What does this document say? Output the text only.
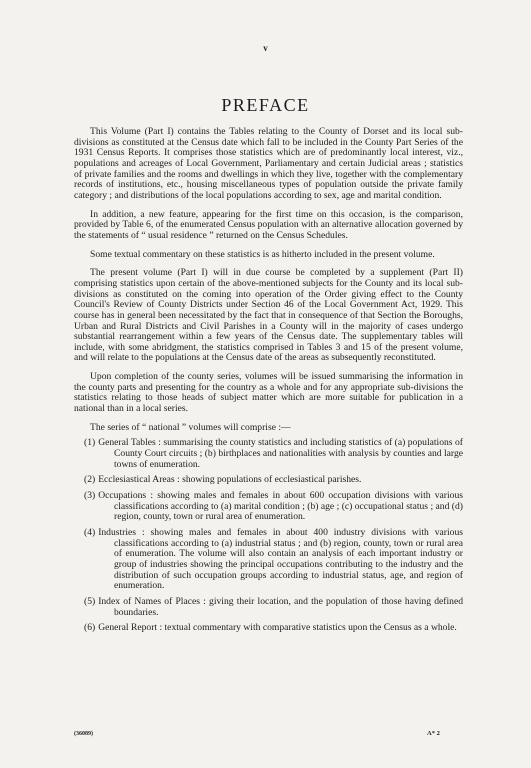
v
PREFACE

This Volume (Part I) contains the Tables relating to the County of Dorset and its local sub-divisions as constituted at the Census date which fall to be included in the County Part Series of the 1931 Census Reports. It comprises those statistics which are of predominantly local interest, viz., populations and acreages of Local Government, Parliamentary and certain Judicial areas ; statistics of private families and the rooms and dwellings in which they live, together with the complementary records of institutions, etc., housing miscellaneous types of population outside the private family category ; and distributions of the local populations according to sex, age and marital condition.

In addition, a new feature, appearing for the first time on this occasion, is the comparison, provided by Table 6, of the enumerated Census population with an alternative allocation governed by the statements of “ usual residence ” returned on the Census Schedules.

Some textual commentary on these statistics is as hitherto included in the present volume.

The present volume (Part I) will in due course be completed by a supplement (Part II) comprising statistics upon certain of the above-mentioned subjects for the County and its local sub-divisions as constituted on the coming into operation of the Order giving effect to the County Council's Review of County Districts under Section 46 of the Local Government Act, 1929. This course has in general been necessitated by the fact that in consequence of that Section the Boroughs, Urban and Rural Districts and Civil Parishes in a County will in the majority of cases undergo substantial rearrangement within a few years of the Census date. The supplementary tables will include, with some abridgment, the statistics comprised in Tables 3 and 15 of the present volume, and will relate to the populations at the Census date of the areas as subsequently reconstituted.

Upon completion of the county series, volumes will be issued summarising the information in the county parts and presenting for the country as a whole and for any appropriate sub-divisions the statistics relating to those heads of subject matter which are more suitable for publication in a national than in a local series.

The series of “ national ” volumes will comprise :—

(1) General Tables : summarising the county statistics and including statistics of (a) populations of County Court circuits ; (b) birthplaces and nationalities with analysis by counties and large towns of enumeration.
(2) Ecclesiastical Areas : showing populations of ecclesiastical parishes.
(3) Occupations : showing males and females in about 600 occupation divisions with various classifications according to (a) marital condition ; (b) age ; (c) occupational status ; and (d) region, county, town or rural area of enumeration.
(4) Industries : showing males and females in about 400 industry divisions with various classifications according to (a) industrial status ; and (b) region, county, town or rural area of enumeration. The volume will also contain an analysis of each important industry or group of industries showing the principal occupations contributing to the industry and the distribution of such occupation groups according to industrial status, age, and region of enumeration.
(5) Index of Names of Places : giving their location, and the population of those having defined boundaries.
(6) General Report : textual commentary with comparative statistics upon the Census as a whole.
(36089)	A* 2
